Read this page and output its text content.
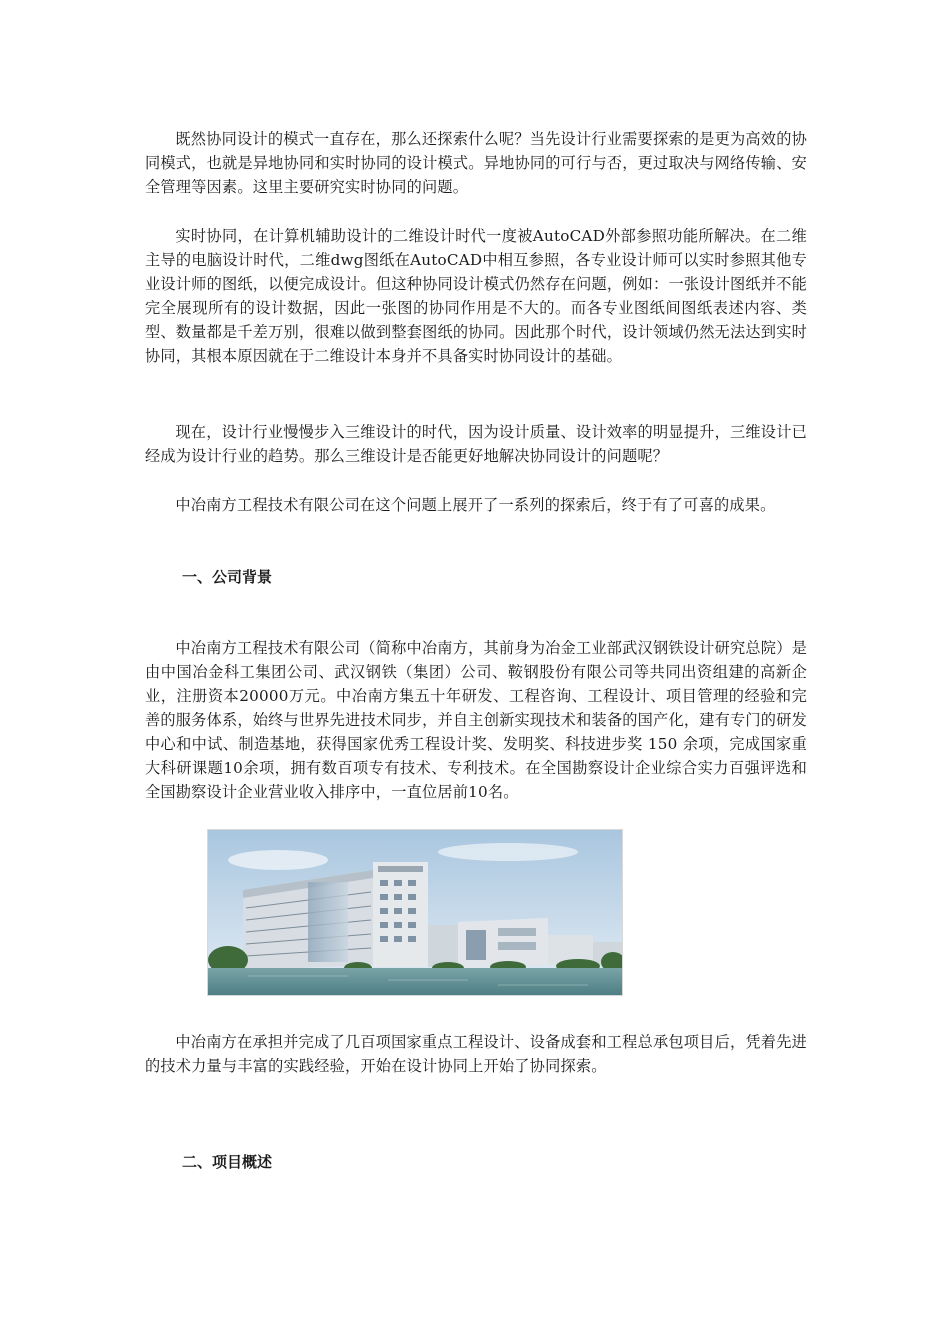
既然协同设计的模式一直存在，那么还探索什么呢？当先设计行业需要探索的是更为高效的协同模式，也就是异地协同和实时协同的设计模式。异地协同的可行与否，更过取决与网络传输、安全管理等因素。这里主要研究实时协同的问题。

实时协同，在计算机辅助设计的二维设计时代一度被AutoCAD外部参照功能所解决。在二维主导的电脑设计时代，二维dwg图纸在AutoCAD中相互参照，各专业设计师可以实时参照其他专业设计师的图纸，以便完成设计。但这种协同设计模式仍然存在问题，例如：一张设计图纸并不能完全展现所有的设计数据，因此一张图的协同作用是不大的。而各专业图纸间图纸表述内容、类型、数量都是千差万别，很难以做到整套图纸的协同。因此那个时代，设计领域仍然无法达到实时协同，其根本原因就在于二维设计本身并不具备实时协同设计的基础。

现在，设计行业慢慢步入三维设计的时代，因为设计质量、设计效率的明显提升，三维设计已经成为设计行业的趋势。那么三维设计是否能更好地解决协同设计的问题呢？

中冶南方工程技术有限公司在这个问题上展开了一系列的探索后，终于有了可喜的成果。

一、公司背景

中冶南方工程技术有限公司（简称中冶南方，其前身为冶金工业部武汉钢铁设计研究总院）是由中国冶金科工集团公司、武汉钢铁（集团）公司、鞍钢股份有限公司等共同出资组建的高新企业，注册资本20000万元。中冶南方集五十年研发、工程咨询、工程设计、项目管理的经验和完善的服务体系，始终与世界先进技术同步，并自主创新实现技术和装备的国产化，建有专门的研发中心和中试、制造基地，获得国家优秀工程设计奖、发明奖、科技进步奖 150 余项，完成国家重大科研课题10余项，拥有数百项专有技术、专利技术。在全国勘察设计企业综合实力百强评选和全国勘察设计企业营业收入排序中，一直位居前10名。

中冶南方在承担并完成了几百项国家重点工程设计、设备成套和工程总承包项目后，凭着先进的技术力量与丰富的实践经验，开始在设计协同上开始了协同探索。

二、项目概述
